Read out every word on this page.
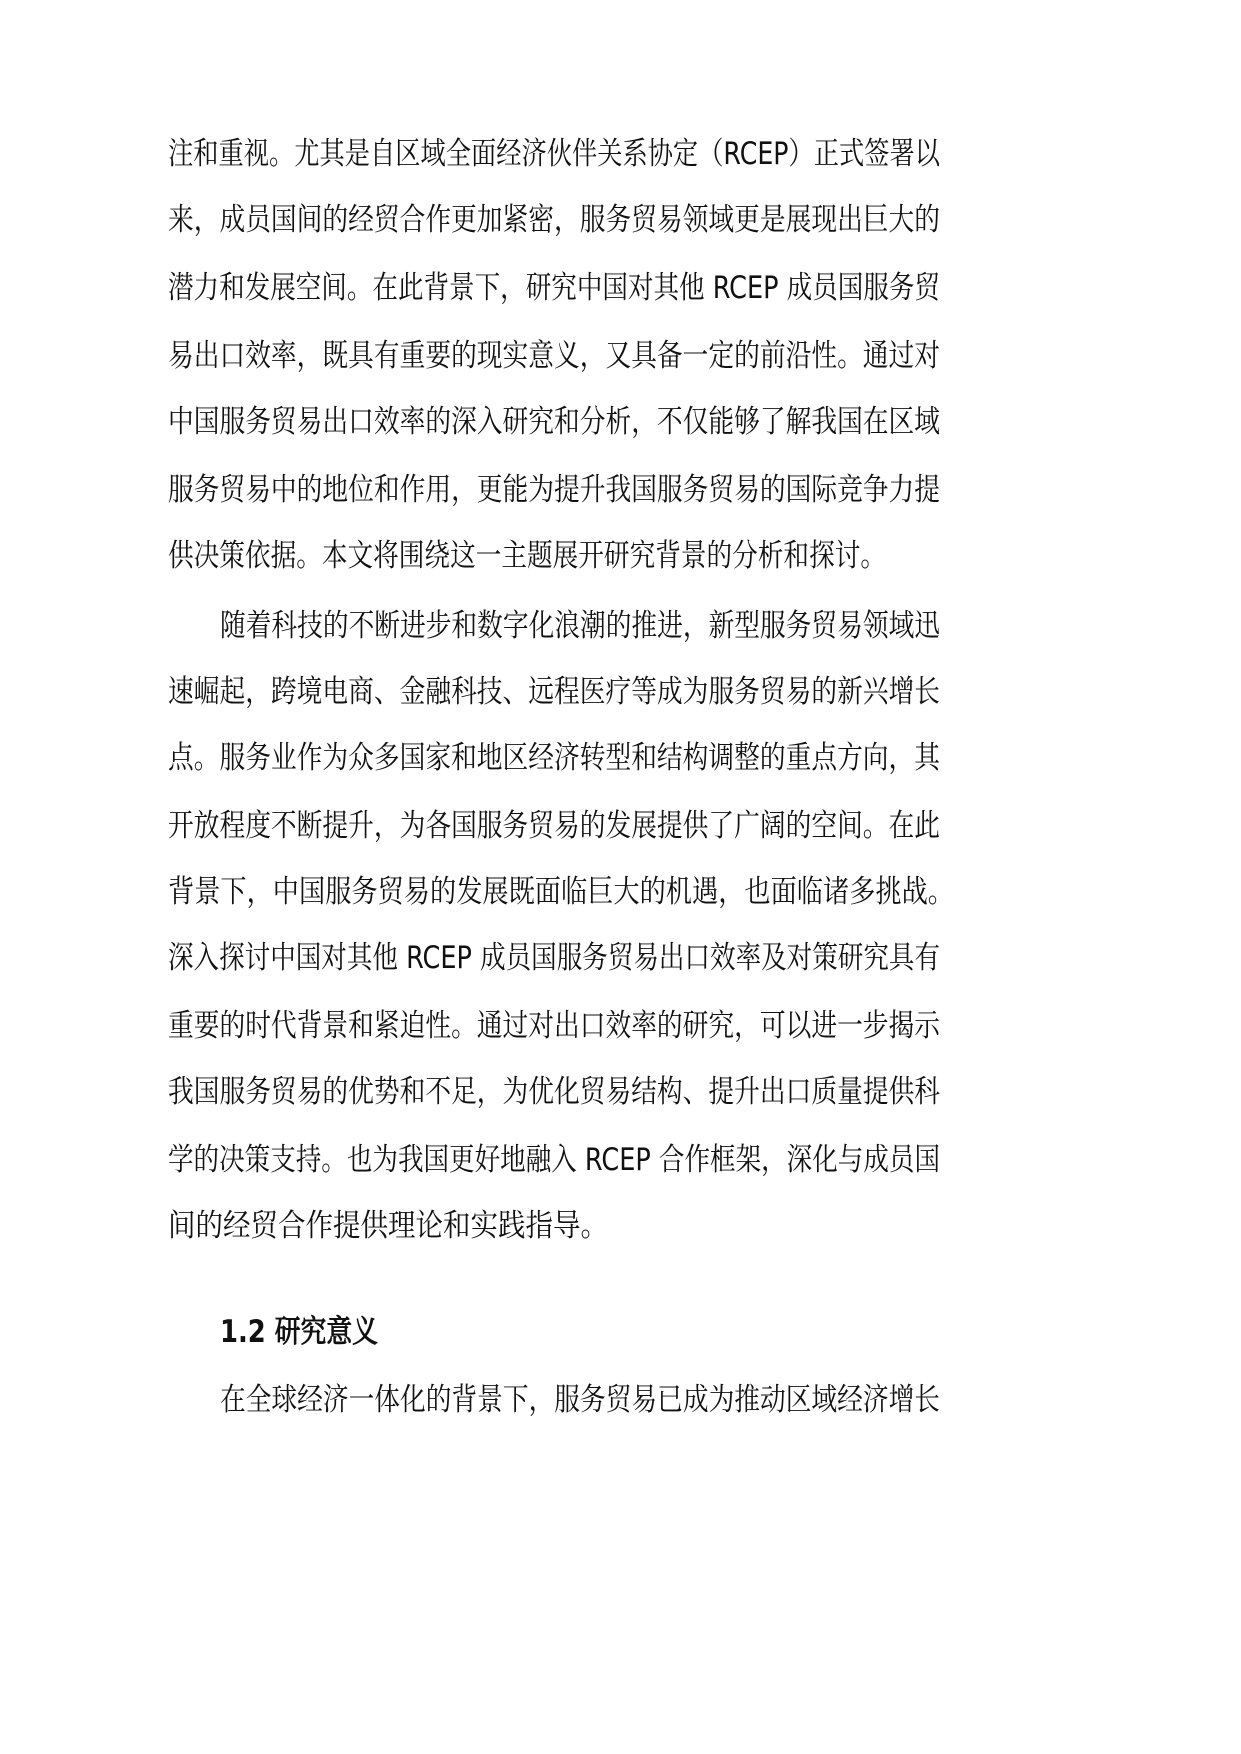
注和重视。尤其是自区域全面经济伙伴关系协定（RCEP）正式签署以
来，成员国间的经贸合作更加紧密，服务贸易领域更是展现出巨大的
潜力和发展空间。在此背景下，研究中国对其他 RCEP 成员国服务贸
易出口效率，既具有重要的现实意义，又具备一定的前沿性。通过对
中国服务贸易出口效率的深入研究和分析，不仅能够了解我国在区域
服务贸易中的地位和作用，更能为提升我国服务贸易的国际竞争力提
供决策依据。本文将围绕这一主题展开研究背景的分析和探讨。
随着科技的不断进步和数字化浪潮的推进，新型服务贸易领域迅
速崛起，跨境电商、金融科技、远程医疗等成为服务贸易的新兴增长
点。服务业作为众多国家和地区经济转型和结构调整的重点方向，其
开放程度不断提升，为各国服务贸易的发展提供了广阔的空间。在此
背景下，中国服务贸易的发展既面临巨大的机遇，也面临诸多挑战。
深入探讨中国对其他 RCEP 成员国服务贸易出口效率及对策研究具有
重要的时代背景和紧迫性。通过对出口效率的研究，可以进一步揭示
我国服务贸易的优势和不足，为优化贸易结构、提升出口质量提供科
学的决策支持。也为我国更好地融入 RCEP 合作框架，深化与成员国
间的经贸合作提供理论和实践指导。
1.2 研究意义
在全球经济一体化的背景下，服务贸易已成为推动区域经济增长
